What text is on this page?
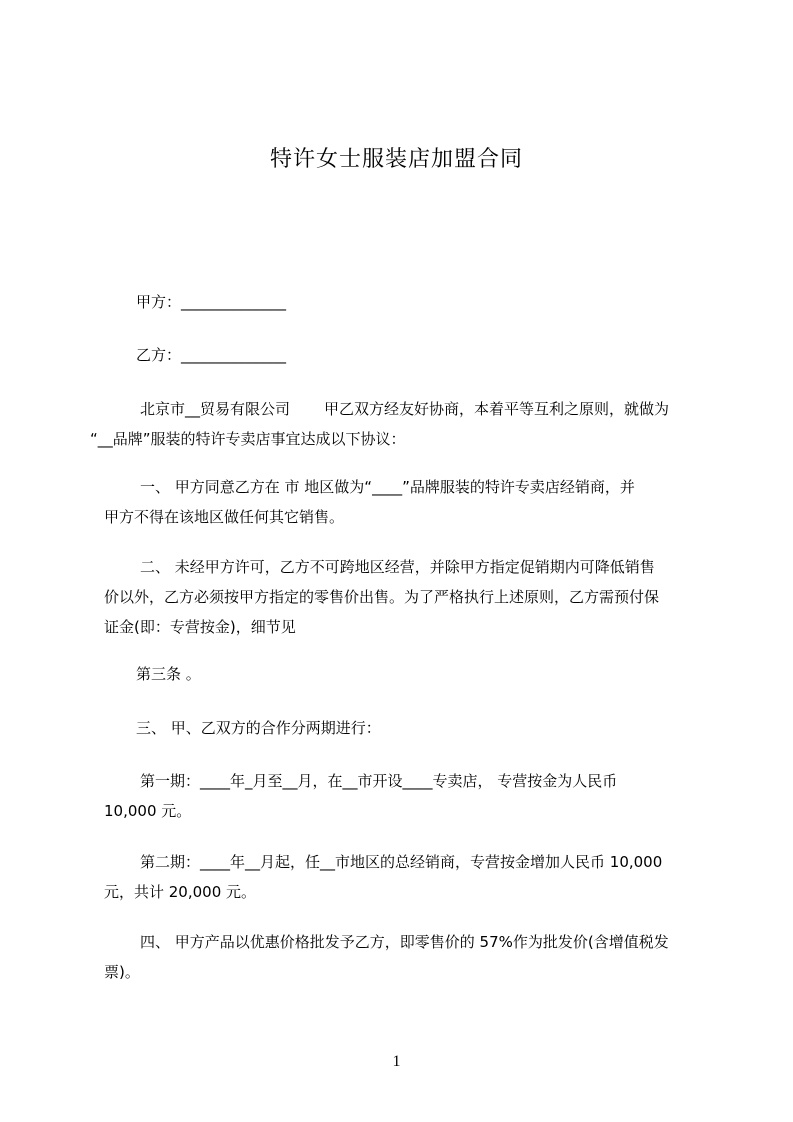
特许女士服装店加盟合同
甲方：______________
乙方：______________
北京市__贸易有限公司 甲乙双方经友好协商，本着平等互利之原则，就做为
“__品牌”服装的特许专卖店事宜达成以下协议：
一、 甲方同意乙方在 市 地区做为“____”品牌服装的特许专卖店经销商，并
甲方不得在该地区做任何其它销售。
二、 未经甲方许可，乙方不可跨地区经营，并除甲方指定促销期内可降低销售
价以外，乙方必须按甲方指定的零售价出售。为了严格执行上述原则，乙方需预付保
证金(即：专营按金)，细节见
第三条 。
三、 甲、乙双方的合作分两期进行：
第一期：____年_月至__月，在__市开设____专卖店， 专营按金为人民币
10,000 元。
第二期：____年__月起，任__市地区的总经销商，专营按金增加人民币 10,000
元，共计 20,000 元。
四、 甲方产品以优惠价格批发予乙方，即零售价的 57%作为批发价(含增值税发
票)。
1
